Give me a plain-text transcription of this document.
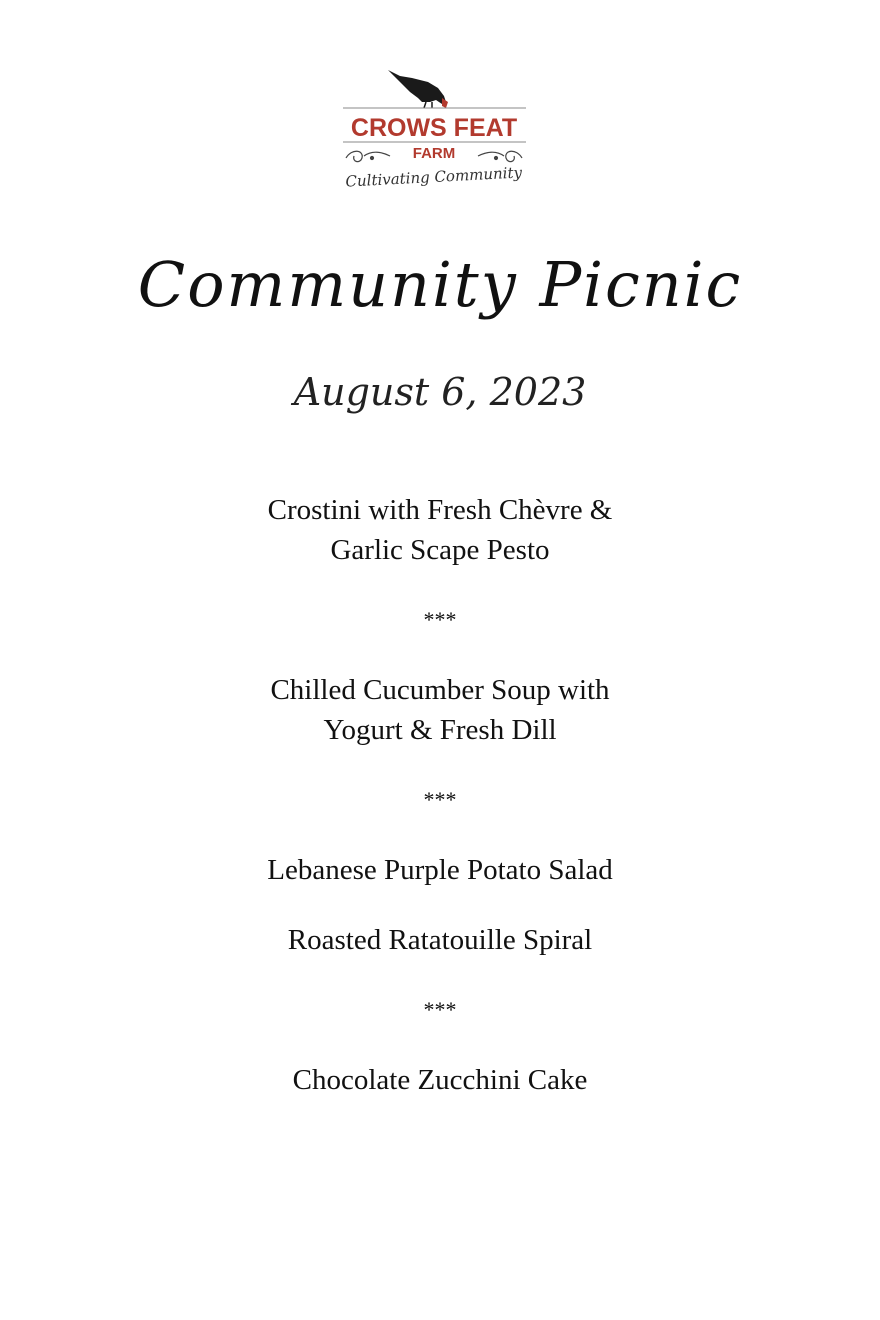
CROWS FEAT
FARM
Cultivating Community
Community Picnic

August 6, 2023

Crostini with Fresh Chèvre &
Garlic Scape Pesto
***
Chilled Cucumber Soup with
Yogurt & Fresh Dill
***
Lebanese Purple Potato Salad
Roasted Ratatouille Spiral
***
Chocolate Zucchini Cake
